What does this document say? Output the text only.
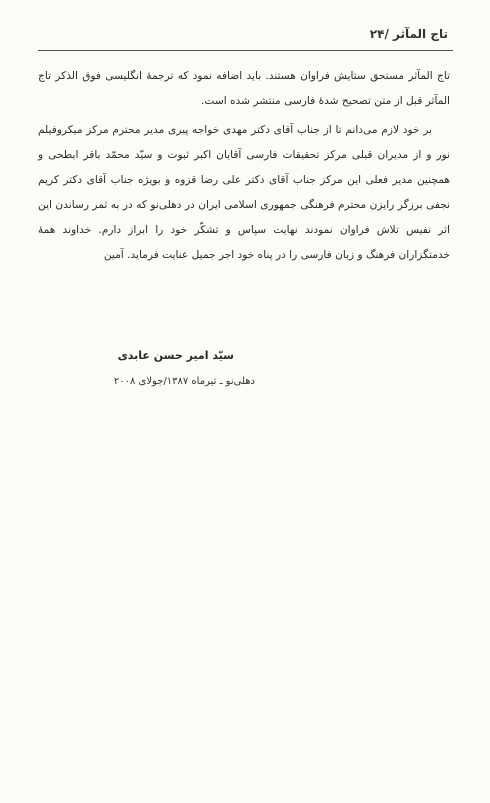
تاج المآثر /۲۴

تاج المآثر مستحق ستایش فراوان هستند. باید اضافه نمود که ترجمهٔ انگلیسی فوق الذکر تاج المآثر قبل از متن تصحیح شدهٔ فارسی منتشر شده است.

بر خود لازم می‌دانم تا از جناب آقای دکتر مهدی خواجه پیری مدیر محترم مرکز میکروفیلم نور و از مدیران قبلی مرکز تحقیقات فارسی آقایان اکبر ثبوت و سیّد محمّد باقر ابطحی و همچنین مدیر فعلی این مرکز جناب آقای دکتر علی رضا قزوه و بویژه جناب آقای دکتر کریم نجفی برزگر رایزن محترم فرهنگی جمهوری اسلامی ایران در دهلی‌نو که در به ثمر رساندن این اثر نفیس تلاش فراوان نمودند نهایت سپاس و تشکّر خود را ابراز دارم. خداوند همهٔ خدمتگزاران فرهنگ و زبان فارسی را در پناه خود اجر جمیل عنایت فرماید. آمین

سیّد امیر حسن عابدی
دهلی‌نو ـ تیرماه ۱۳۸۷/جولای ۲۰۰۸
